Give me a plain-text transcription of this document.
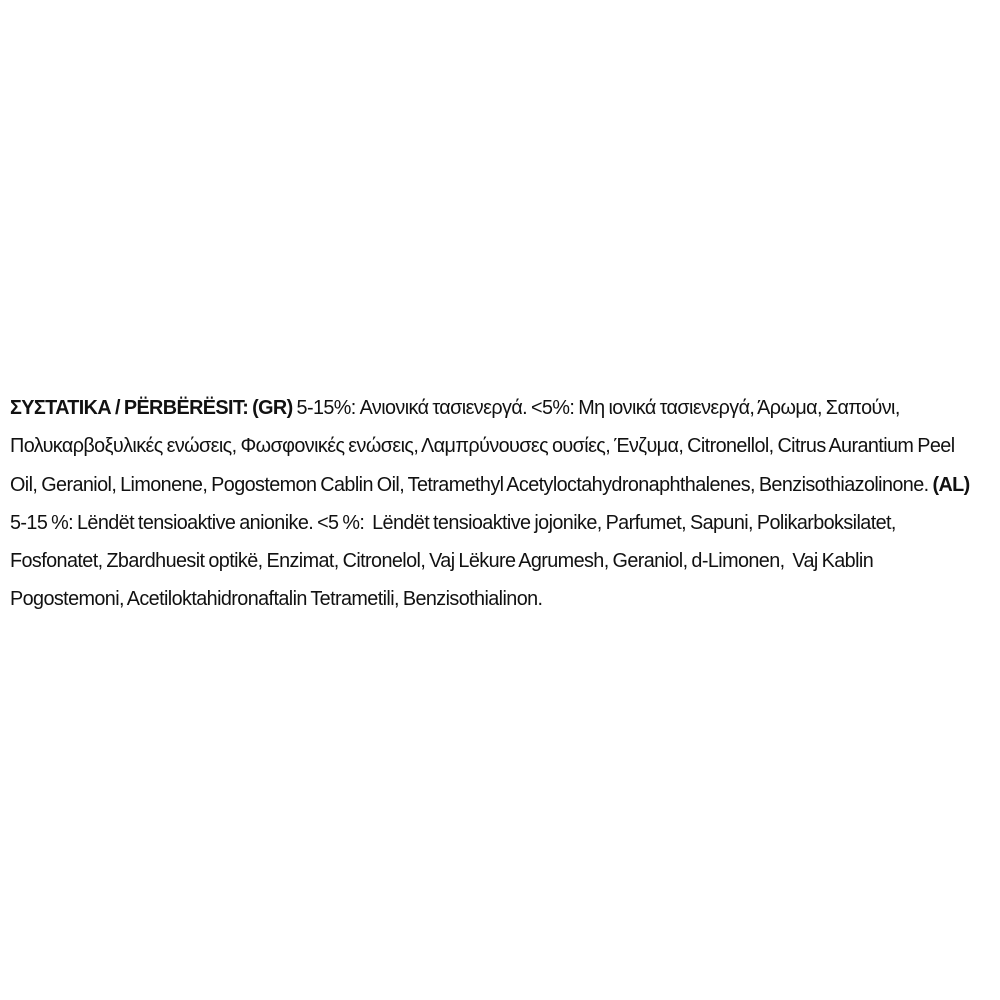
ΣΥΣΤΑΤΙΚΑ / PËRBËRËSIT: (GR) 5-15%: Ανιονικά τασιενεργά. <5%: Μη ιονικά τασιενεργά, Άρωμα, Σαπούνι,
Πολυκαρβοξυλικές ενώσεις, Φωσφονικές ενώσεις, Λαμπρύνουσες ουσίες, Ένζυμα, Citronellol, Citrus Aurantium Peel
Oil, Geraniol, Limonene, Pogostemon Cablin Oil, Tetramethyl Acetyloctahydronaphthalenes, Benzisothiazolinone. (AL)
5-15 %: Lëndët tensioaktive anionike. <5 %:  Lëndët tensioaktive jojonike, Parfumet, Sapuni, Polikarboksilatet,
Fosfonatet, Zbardhuesit optikë, Enzimat, Citronelol, Vaj Lëkure Agrumesh, Geraniol, d-Limonen,  Vaj Kablin
Pogostemoni, Acetiloktahidronaftalin Tetrametili, Benzisothialinon.
